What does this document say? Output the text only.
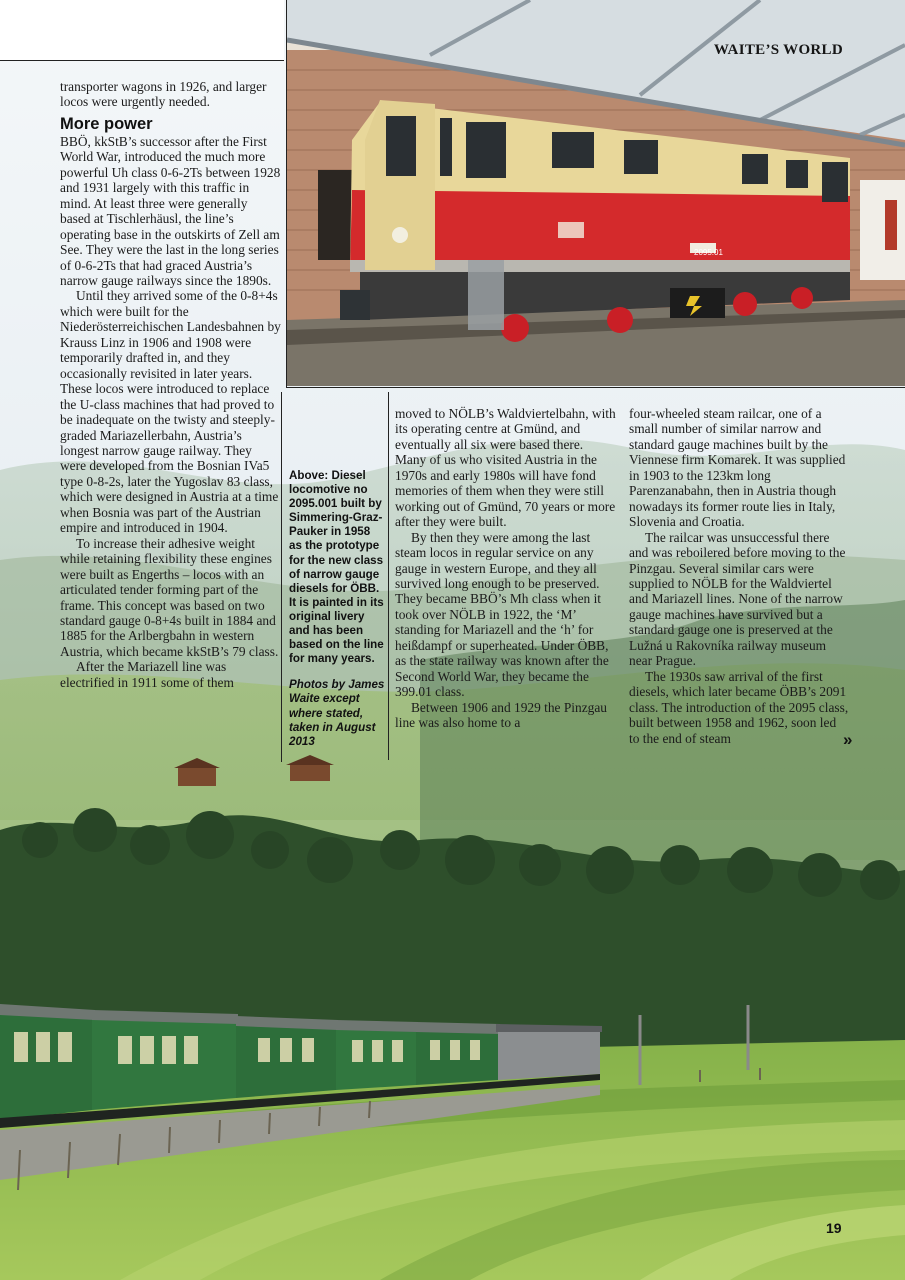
WAITE’S WORLD

transporter wagons in 1926, and larger locos were urgently needed.

More power

BBÖ, kkStB’s successor after the First World War, introduced the much more powerful Uh class 0-6-2Ts between 1928 and 1931 largely with this traffic in mind. At least three were generally based at Tischlerhäusl, the line’s operating base in the outskirts of Zell am See. They were the last in the long series of 0-6-2Ts that had graced Austria’s narrow gauge railways since the 1890s.

Until they arrived some of the 0-8+4s which were built for the Niederösterreichischen Landesbahnen by Krauss Linz in 1906 and 1908 were temporarily drafted in, and they occasionally revisited in later years. These locos were introduced to replace the U-class machines that had proved to be inadequate on the twisty and steeply-graded Mariazellerbahn, Austria’s longest narrow gauge railway. They were developed from the Bosnian IVa5 type 0-8-2s, later the Yugoslav 83 class, which were designed in Austria at a time when Bosnia was part of the Austrian empire and introduced in 1904.

To increase their adhesive weight while retaining flexibility these engines were built as Engerths – locos with an articulated tender forming part of the frame. This concept was based on two standard gauge 0-8+4s built in 1884 and 1885 for the Arlbergbahn in western Austria, which became kkStB’s 79 class.

After the Mariazell line was electrified in 1911 some of them

Above: Diesel locomotive no 2095.001 built by Simmering-Graz-Pauker in 1958 as the prototype for the new class of narrow gauge diesels for ÖBB. It is painted in its original livery and has been based on the line for many years.

Photos by James Waite except where stated, taken in August 2013

moved to NÖLB’s Waldviertelbahn, with its operating centre at Gmünd, and eventually all six were based there. Many of us who visited Austria in the 1970s and early 1980s will have fond memories of them when they were still working out of Gmünd, 70 years or more after they were built.

By then they were among the last steam locos in regular service on any gauge in western Europe, and they all survived long enough to be preserved. They became BBÖ’s Mh class when it took over NÖLB in 1922, the ‘M’ standing for Mariazell and the ‘h’ for heißdampf or superheated. Under ÖBB, as the state railway was known after the Second World War, they became the 399.01 class.

Between 1906 and 1929 the Pinzgau line was also home to a

four-wheeled steam railcar, one of a small number of similar narrow and standard gauge machines built by the Viennese firm Komarek. It was supplied in 1903 to the 123km long Parenzanabahn, then in Austria though nowadays its former route lies in Italy, Slovenia and Croatia.

The railcar was unsuccessful there and was reboilered before moving to the Pinzgau. Several similar cars were supplied to NÖLB for the Waldviertel and Mariazell lines. None of the narrow gauge machines have survived but a standard gauge one is preserved at the Lužná u Rakovníka railway museum near Prague.

The 1930s saw arrival of the first diesels, which later became ÖBB’s 2091 class. The introduction of the 2095 class, built between 1958 and 1962, soon led to the end of steam	»
19
2095.01
